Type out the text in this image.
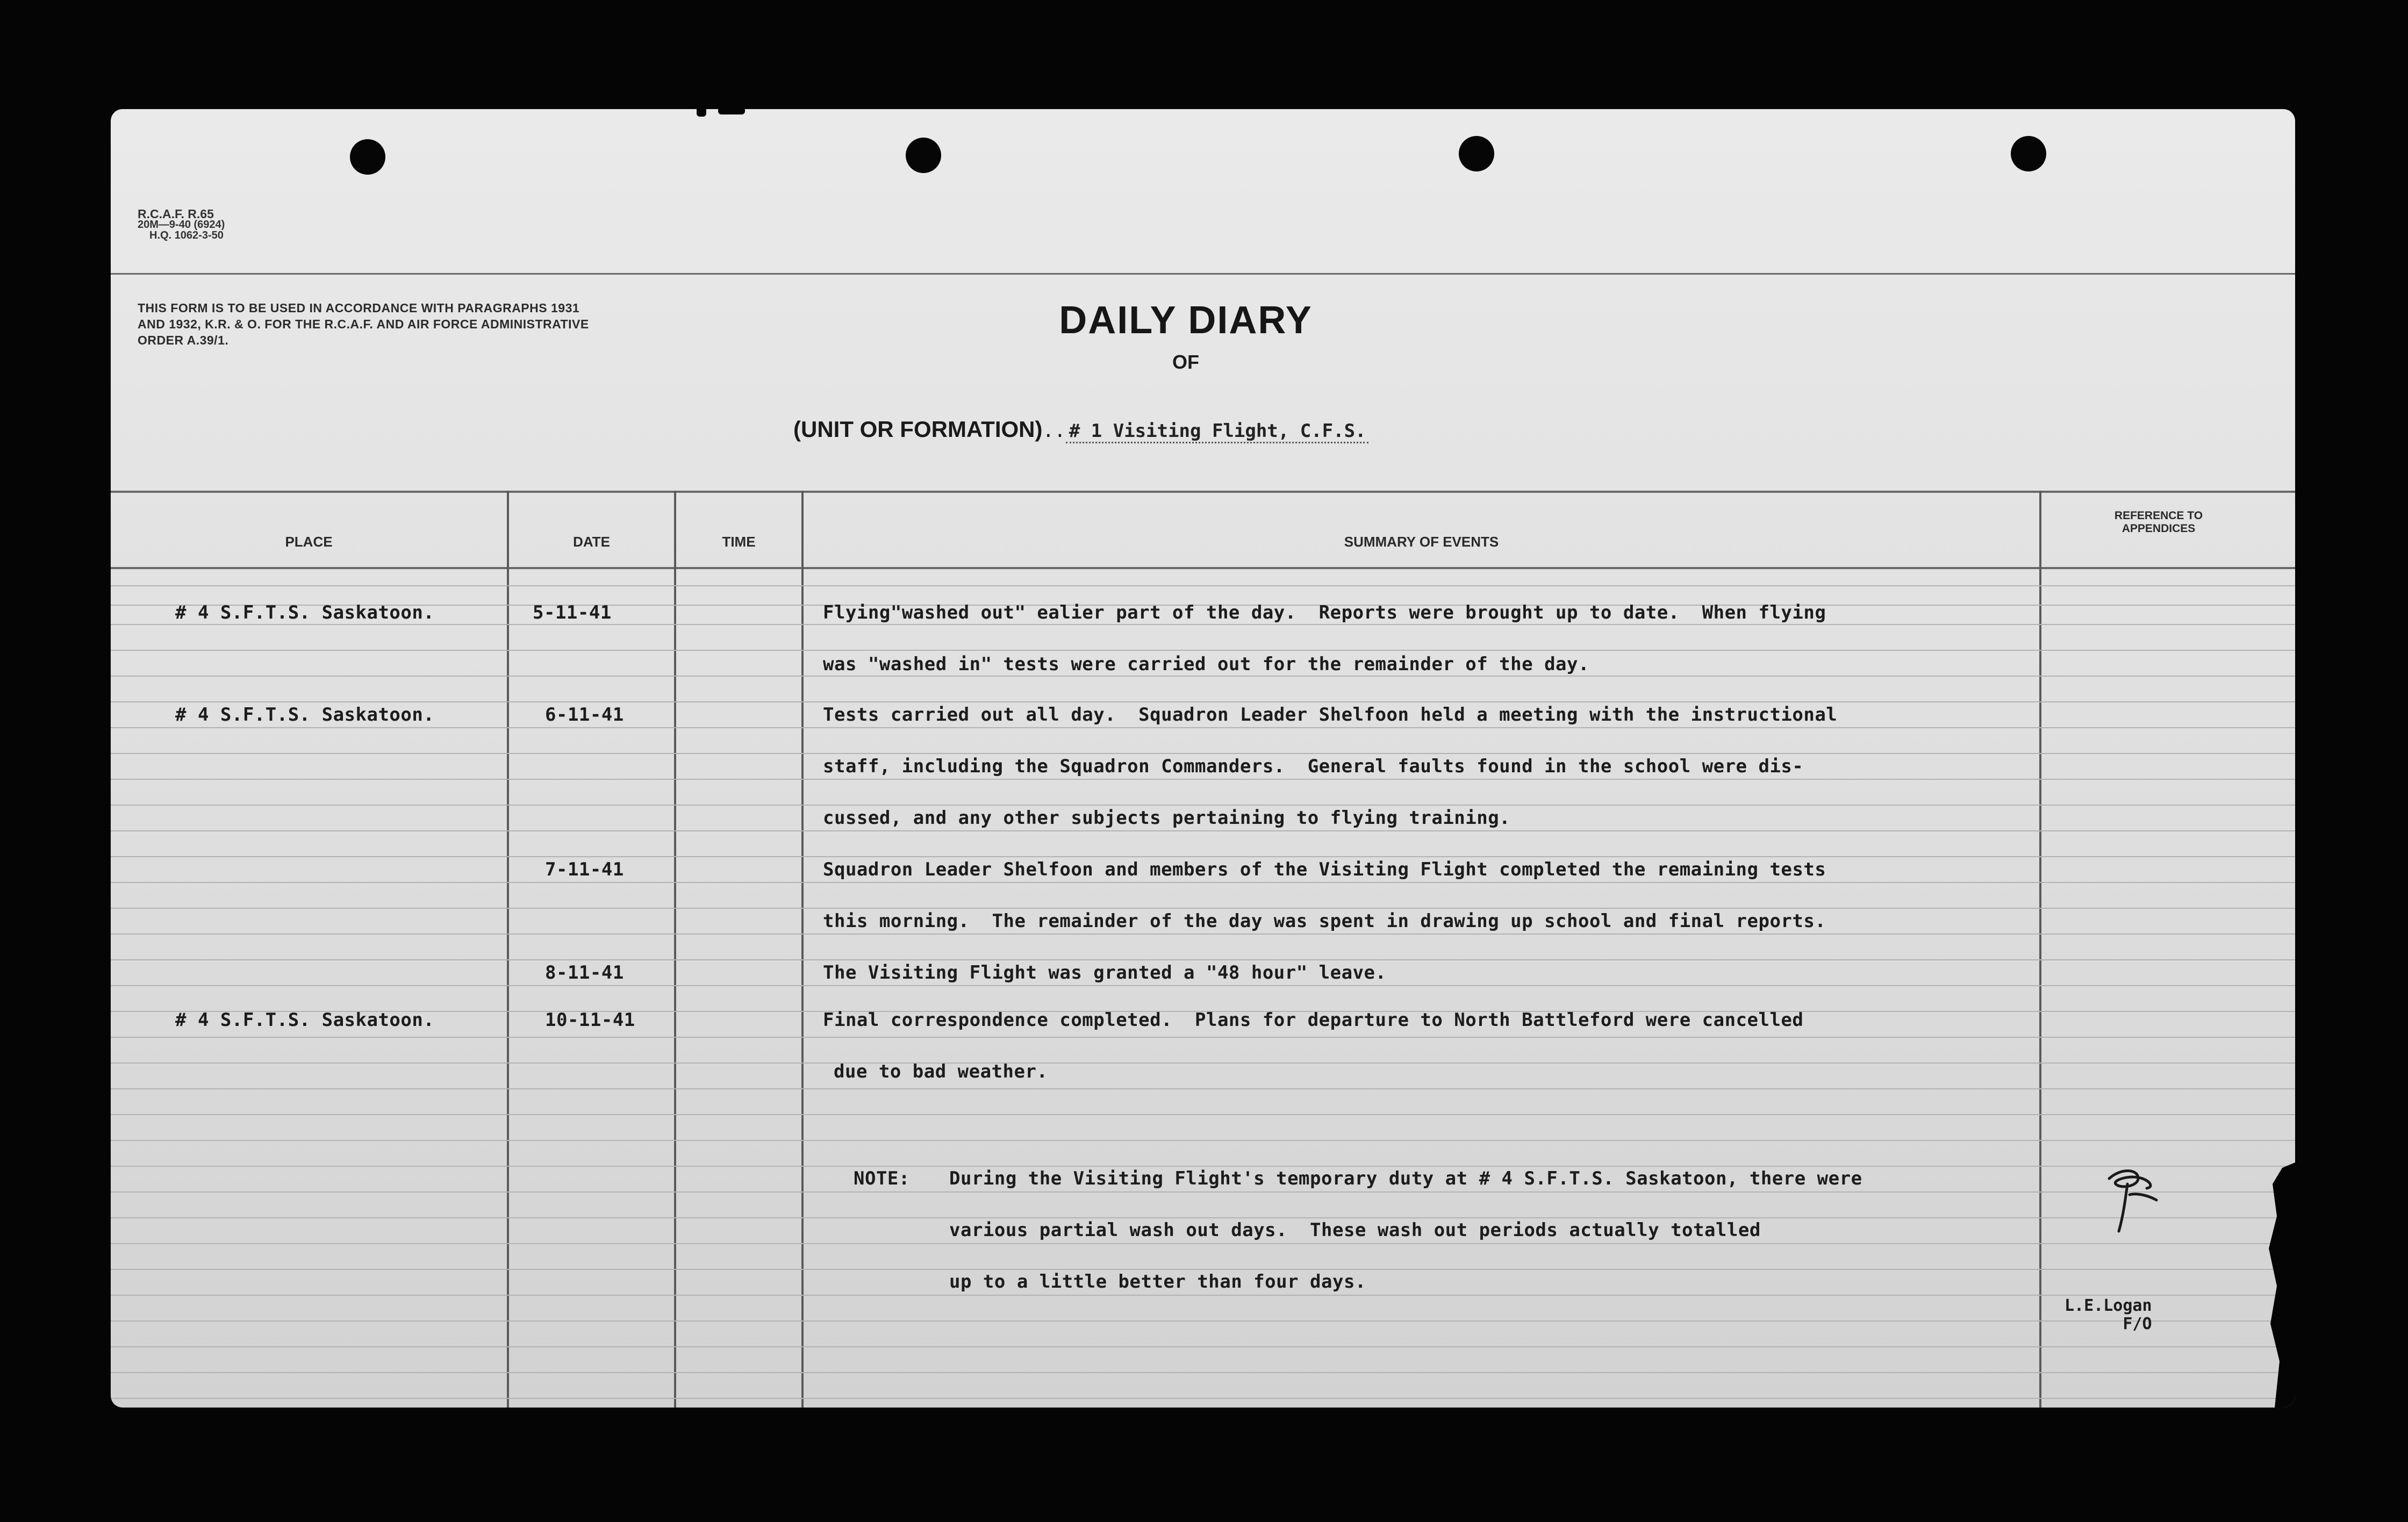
R.C.A.F. R.65
20M—9-40 (6924)
H.Q. 1062-3-50
THIS FORM IS TO BE USED IN ACCORDANCE WITH PARAGRAPHS 1931 AND 1932, K.R. & O. FOR THE R.C.A.F. AND AIR FORCE ADMINISTRATIVE ORDER A.39/1.	DAILY DIARY
OF
(UNIT OR FORMATION).. # 1 Visiting Flight, C.F.S.
PLACE	DATE	TIME	SUMMARY OF EVENTS
REFERENCE TO APPENDICES
# 4 S.F.T.S. Saskatoon.	5-11-41	Flying"washed out" ealier part of the day.  Reports were brought up to date.  When flying
was "washed in" tests were carried out for the remainder of the day.
# 4 S.F.T.S. Saskatoon.	6-11-41	Tests carried out all day.  Squadron Leader Shelfoon held a meeting with the instructional
staff, including the Squadron Commanders.  General faults found in the school were dis-
cussed, and any other subjects pertaining to flying training.
7-11-41	Squadron Leader Shelfoon and members of the Visiting Flight completed the remaining tests
this morning.  The remainder of the day was spent in drawing up school and final reports.
8-11-41	The Visiting Flight was granted a "48 hour" leave.
# 4 S.F.T.S. Saskatoon.	10-11-41	Final correspondence completed.  Plans for departure to North Battleford were cancelled
due to bad weather.
NOTE: During the Visiting Flight's temporary duty at # 4 S.F.T.S. Saskatoon, there were
various partial wash out days.  These wash out periods actually totalled
up to a little better than four days.
L.E.Logan
F/O
